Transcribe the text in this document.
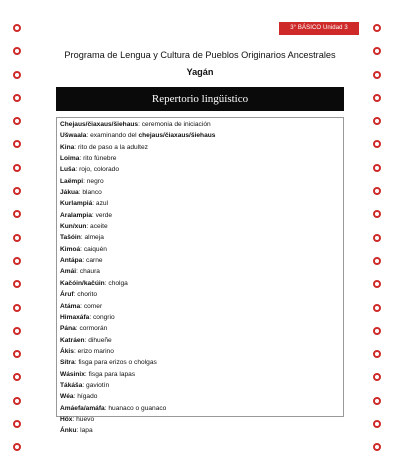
3° BÁSICO Unidad 3
Programa de Lengua y Cultura de Pueblos Originarios Ancestrales
Yagán
Repertorio lingüístico
Chejaus/čiaxaus/šiehaus: ceremonia de iniciación
Ušwaala: examinando del chejaus/čiaxaus/šiehaus
Kina: rito de paso a la adultez
Loima: rito fúnebre
Luša: rojo, colorado
Laëmpi: negro
Jákua: blanco
Kurlampiá: azul
Aralampia: verde
Kun/xun: aceite
Tašóin: almeja
Kimoá: caiquén
Antápa: carne
Amái: chaura
Kačóin/kačúin: cholga
Áruf: chorito
Atáma: comer
Himaxáfa: congrio
Pána: cormorán
Katráen: dihueñe
Ákis: erizo marino
Sítra: fisga para erizos o cholgas
Wásinix: fisga para lapas
Tákáša: gaviotín
Wéa: hígado
Amáefa/amáfa: huanaco o guanaco
Höx: huevo
Ánku: lapa
